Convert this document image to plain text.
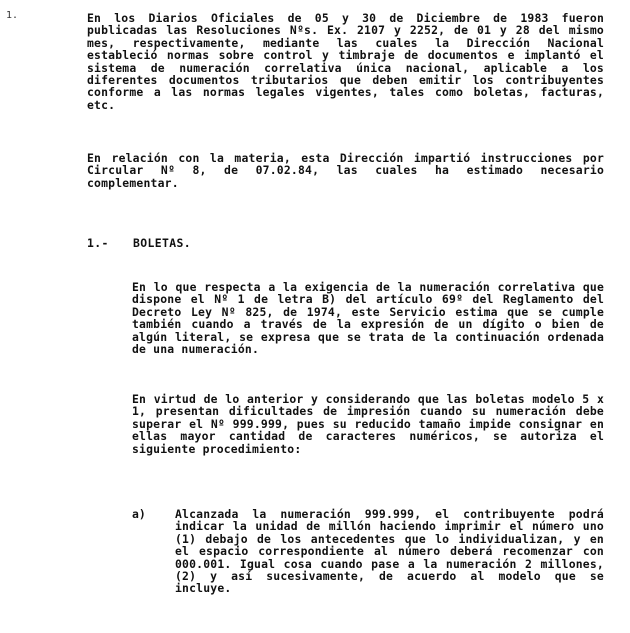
1.	En los Diarios Oficiales de 05 y 30 de Diciembre de 1983 fueron publicadas las Resoluciones Nºs. Ex. 2107 y 2252, de 01 y 28 del mismo mes, respectivamente, mediante las cuales la Dirección Nacional estableció normas sobre control y timbraje de documentos e implantó el sistema de numeración correlativa única nacional, aplicable a los diferentes documentos tributarios que deben emitir los contribuyentes conforme a las normas legales vigentes, tales como boletas, facturas, etc.

En relación con la materia, esta Dirección impartió instrucciones por Circular Nº 8, de 07.02.84, las cuales ha estimado necesario complementar.

1.- BOLETAS.

En lo que respecta a la exigencia de la numeración correlativa que dispone el Nº 1 de letra B) del artículo 69º del Reglamento del Decreto Ley Nº 825, de 1974, este Servicio estima que se cumple también cuando a través de la expresión de un dígito o bien de algún literal, se expresa que se trata de la continuación ordenada de una numeración.

En virtud de lo anterior y considerando que las boletas modelo 5 x 1, presentan dificultades de impresión cuando su numeración debe superar el Nº 999.999, pues su reducido tamaño impide consignar en ellas mayor cantidad de caracteres numéricos, se autoriza el siguiente procedimiento:

a)	Alcanzada la numeración 999.999, el contribuyente podrá indicar la unidad de millón haciendo imprimir el número uno (1) debajo de los antecedentes que lo individualizan, y en el espacio correspondiente al número deberá recomenzar con 000.001. Igual cosa cuando pase a la numeración 2 millones, (2) y así sucesivamente, de acuerdo al modelo que se incluye.
